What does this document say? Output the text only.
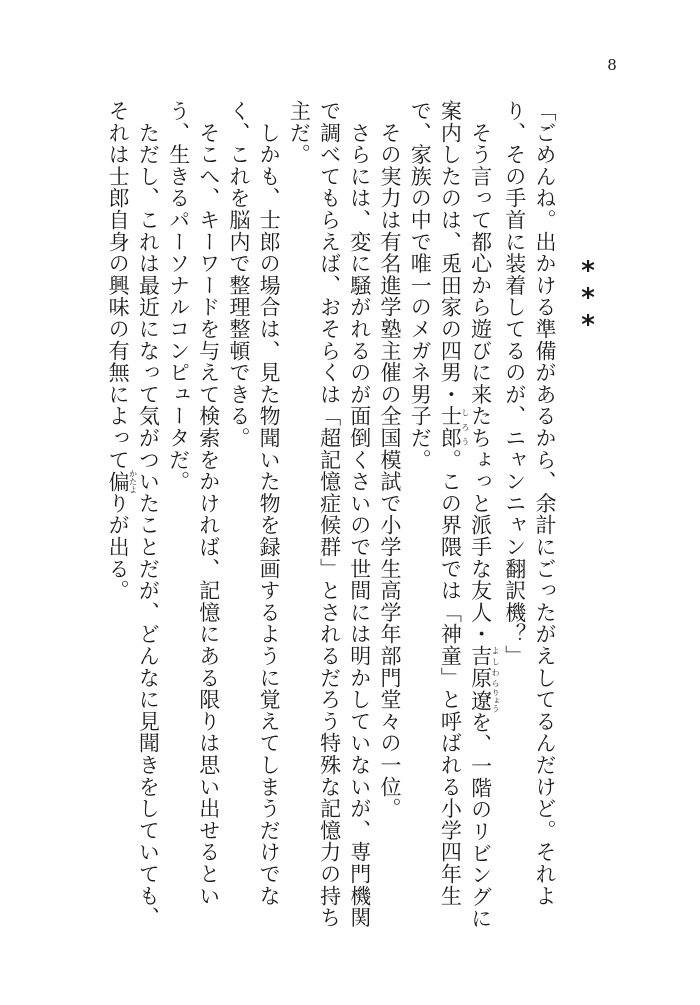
8
***

「ごめんね。出かける準備があるから、余計にごったがえしてるんだけど。それより、その手首に装着してるのが、ニャンニャン翻訳機？」

　そう言って都心から遊びに来たちょっと派手な友人・吉原よしわら遼りょうを、一階のリビングに案内したのは、兎田家の四男・士郎しろう。この界隈では「神童」と呼ばれる小学四年生で、家族の中で唯一のメガネ男子だ。

　その実力は有名進学塾主催の全国模試で小学生高学年部門堂々の一位。

　さらには、変に騒がれるのが面倒くさいので世間には明かしていないが、専門機関で調べてもらえば、おそらくは「超記憶症候群」とされるだろう特殊な記憶力の持ち主だ。

　しかも、士郎の場合は、見た物聞いた物を録画するように覚えてしまうだけでなく、これを脳内で整理整頓できる。

　そこへ、キーワードを与えて検索をかければ、記憶にある限りは思い出せるという、生きるパーソナルコンピュータだ。

　ただし、これは最近になって気がついたことだが、どんなに見聞きをしていても、それは士郎自身の興味の有無によって偏かたよりが出る。
